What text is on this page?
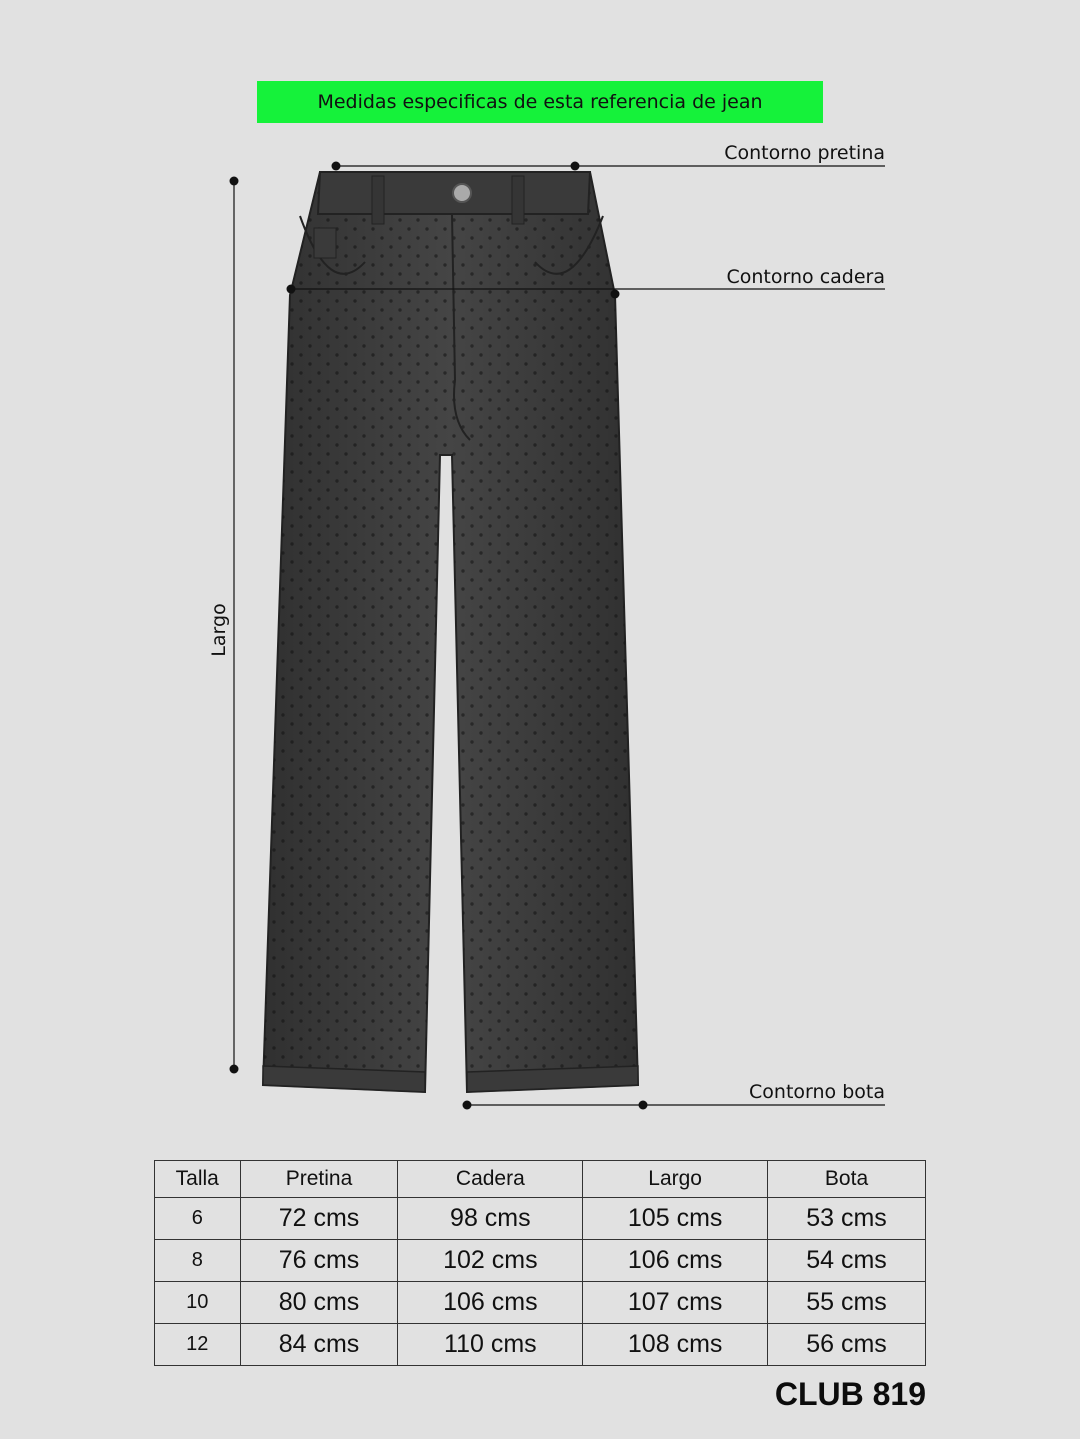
Medidas especificas de esta referencia de jean
Contorno pretina
Contorno cadera
Largo
Contorno bota
Talla	Pretina	Cadera	Largo	Bota
6	72 cms	98 cms	105 cms	53 cms
8	76 cms	102 cms	106 cms	54 cms
10	80 cms	106 cms	107 cms	55 cms
12	84 cms	110 cms	108 cms	56 cms
CLUB 819
